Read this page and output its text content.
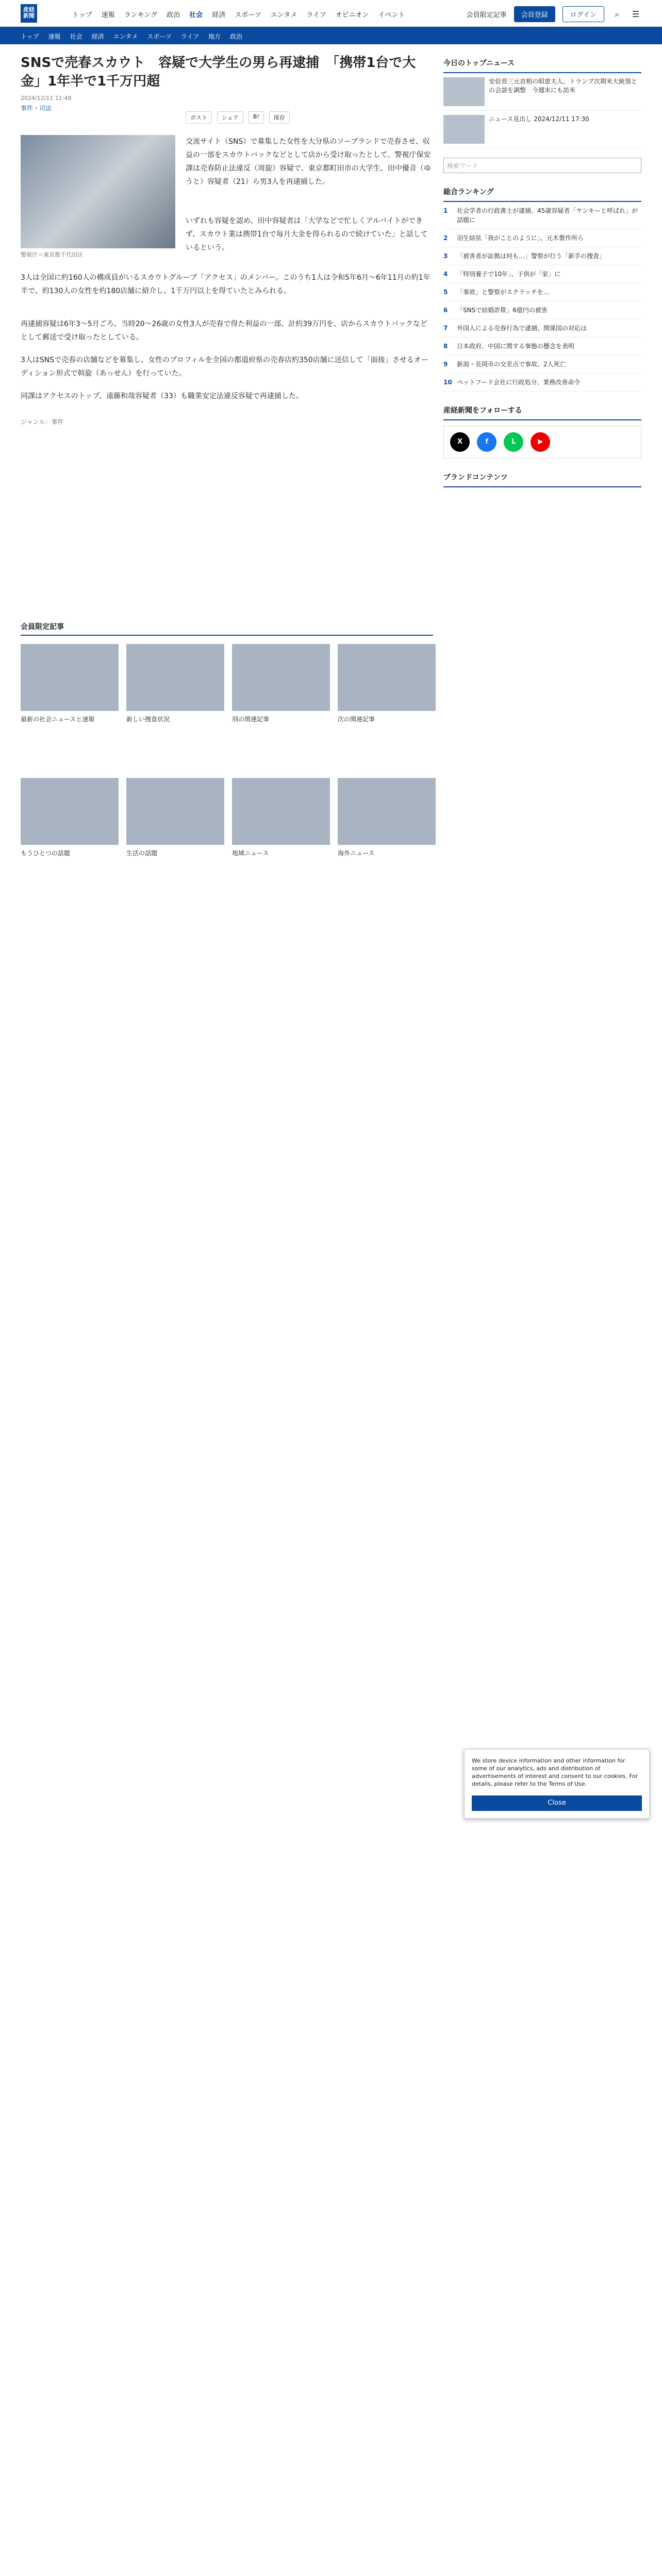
産経新聞	トップ 速報 ランキング 政治 社会 経済 スポーツ エンタメ ライフ オピニオン イベント	会員限定記事	会員登録	ログイン	⌕	☰
トップ 速報 社会 経済 エンタメ スポーツ ライフ 地方 政治
SNSで売春スカウト　容疑で大学生の男ら再逮捕　「携帯1台で大金」1年半で1千万円超
2024/12/11 11:49
事件・司法
ポスト	シェア	B!	保存
警視庁＝東京都千代田区

交流サイト（SNS）で募集した女性を大分県のソープランドで売春させ、収益の一部をスカウトバックなどとして店から受け取ったとして、警視庁保安課は売春防止法違反（周旋）容疑で、東京都町田市の大学生、田中優音（ゆうと）容疑者（21）ら男3人を再逮捕した。

いずれも容疑を認め、田中容疑者は「大学などで忙しくアルバイトができず、スカウト業は携帯1台で毎月大金を得られるので続けていた」と話しているという。

3人は全国に約160人の構成員がいるスカウトグループ「アクセス」のメンバー。このうち1人は令和5年6月～6年11月の約1年半で、約130人の女性を約180店舗に紹介し、1千万円以上を得ていたとみられる。

再逮捕容疑は6年3～5月ごろ、当時20～26歳の女性3人が売春で得た利益の一部、計約39万円を、店からスカウトバックなどとして郵送で受け取ったとしている。

3人はSNSで売春の店舗などを募集し、女性のプロフィルを全国の都道府県の売春店約350店舗に送信して「面接」させるオーディション形式で斡旋（あっせん）を行っていた。

同課はアクセスのトップ、遠藤和哉容疑者（33）も職業安定法違反容疑で再逮捕した。

ジャンル：事件
会員限定記事
最新の社会ニュースと速報	新しい捜査状況	別の関連記事	次の関連記事
もうひとつの話題	生活の話題	地域ニュース	海外ニュース
今日のトップニュース
安倍晋三元首相の昭恵夫人、トランプ次期米大統領との会談を調整　今週末にも訪米
ニュース見出し 2024/12/11 17:30
検索ワード
総合ランキング
1	社会学者の行政書士が逮捕、45歳容疑者「ヤンキーと呼ばれ」が話題に
2	羽生結弦「我がことのように」、元木製作所ら
3	「被害者が証拠は何も…」警察が行う「新手の捜査」
4	「特別養子で10年」、子供が「家」に
5	「事故」と警察がスクラッチを…
6	「SNSで結婚詐欺」6億円の被害
7	外国人による売春行為で逮捕、関係国の対応は
8	日本政府、中国に関する事態の懸念を表明
9	新潟・長岡市の交差点で事故、2人死亡
10 ペットフード会社に行政処分、業務改善命令
産経新聞をフォローする
X	f	L	▶
ブランドコンテンツ
We store device information and other information for some of our analytics, ads and distribution of advertisements of interest and consent to our cookies. For details, please refer to the Terms of Use.
Close
